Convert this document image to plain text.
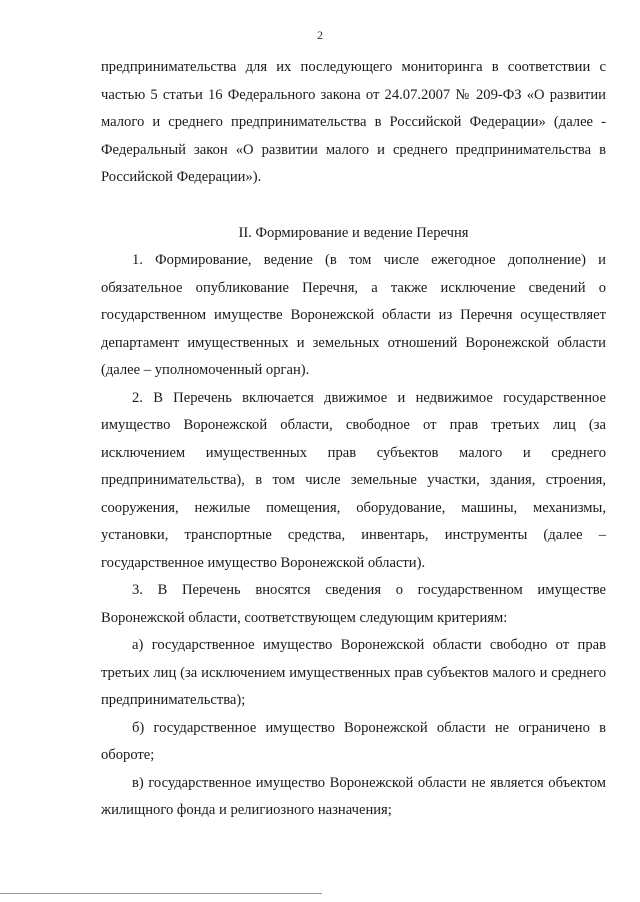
2

предпринимательства для их последующего мониторинга в соответствии с частью 5 статьи 16 Федерального закона от 24.07.2007 № 209-ФЗ «О развитии малого и среднего предпринимательства в Российской Федерации» (далее - Федеральный закон «О развитии малого и среднего предпринимательства в Российской Федерации»).

II. Формирование и ведение Перечня

1. Формирование, ведение (в том числе ежегодное дополнение) и обязательное опубликование Перечня, а также исключение сведений о государственном имуществе Воронежской области из Перечня осуществляет департамент имущественных и земельных отношений Воронежской области (далее – уполномоченный орган).

2. В Перечень включается движимое и недвижимое государственное имущество Воронежской области, свободное от прав третьих лиц (за исключением имущественных прав субъектов малого и среднего предпринимательства), в том числе земельные участки, здания, строения, сооружения, нежилые помещения, оборудование, машины, механизмы, установки, транспортные средства, инвентарь, инструменты (далее – государственное имущество Воронежской области).

3. В Перечень вносятся сведения о государственном имуществе Воронежской области, соответствующем следующим критериям:

а) государственное имущество Воронежской области свободно от прав третьих лиц (за исключением имущественных прав субъектов малого и среднего предпринимательства);

б) государственное имущество Воронежской области не ограничено в обороте;

в) государственное имущество Воронежской области не является объектом жилищного фонда и религиозного назначения;
